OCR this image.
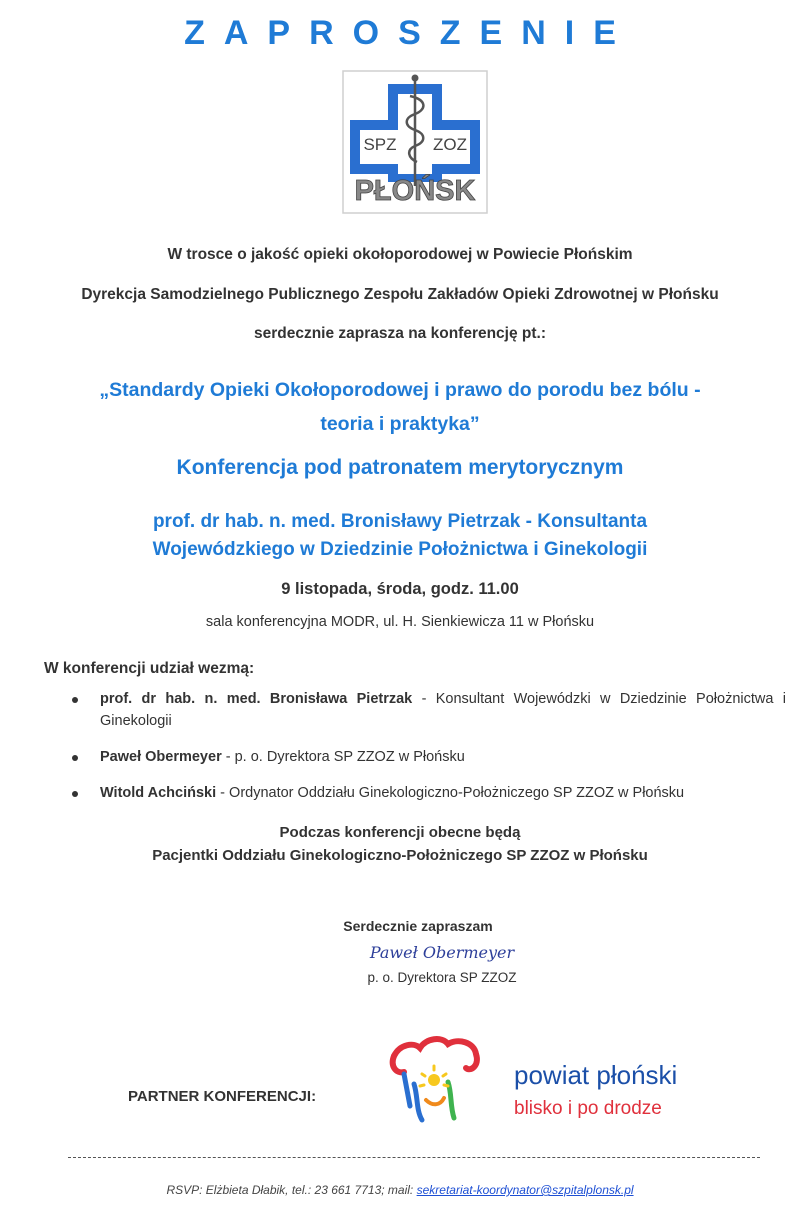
ZAPROSZENIE
SPZ ZOZ
PŁOŃSK
W trosce o jakość opieki okołoporodowej w Powiecie Płońskim
Dyrekcja Samodzielnego Publicznego Zespołu Zakładów Opieki Zdrowotnej w Płońsku
serdecznie zaprasza na konferencję pt.:
„Standardy Opieki Okołoporodowej i prawo do porodu bez bólu -
teoria i praktyka”
Konferencja pod patronatem merytorycznym
prof. dr hab. n. med. Bronisławy Pietrzak - Konsultanta
Wojewódzkiego w Dziedzinie Położnictwa i Ginekologii
9 listopada, środa, godz. 11.00
sala konferencyjna MODR, ul. H. Sienkiewicza 11 w Płońsku
W konferencji udział wezmą:
prof. dr hab. n. med. Bronisława Pietrzak - Konsultant Wojewódzki w Dziedzinie Położnictwa i Ginekologii
Paweł Obermeyer - p. o. Dyrektora SP ZZOZ w Płońsku
Witold Achciński - Ordynator Oddziału Ginekologiczno-Położniczego SP ZZOZ w Płońsku
Podczas konferencji obecne będą
Pacjentki Oddziału Ginekologiczno-Położniczego SP ZZOZ w Płońsku
Serdecznie zapraszam
Paweł Obermeyer
p. o. Dyrektora SP ZZOZ
PARTNER KONFERENCJI:
powiat płoński
blisko i po drodze
RSVP: Elżbieta Dłabik, tel.: 23 661 7713; mail: sekretariat-koordynator@szpitalplonsk.pl
